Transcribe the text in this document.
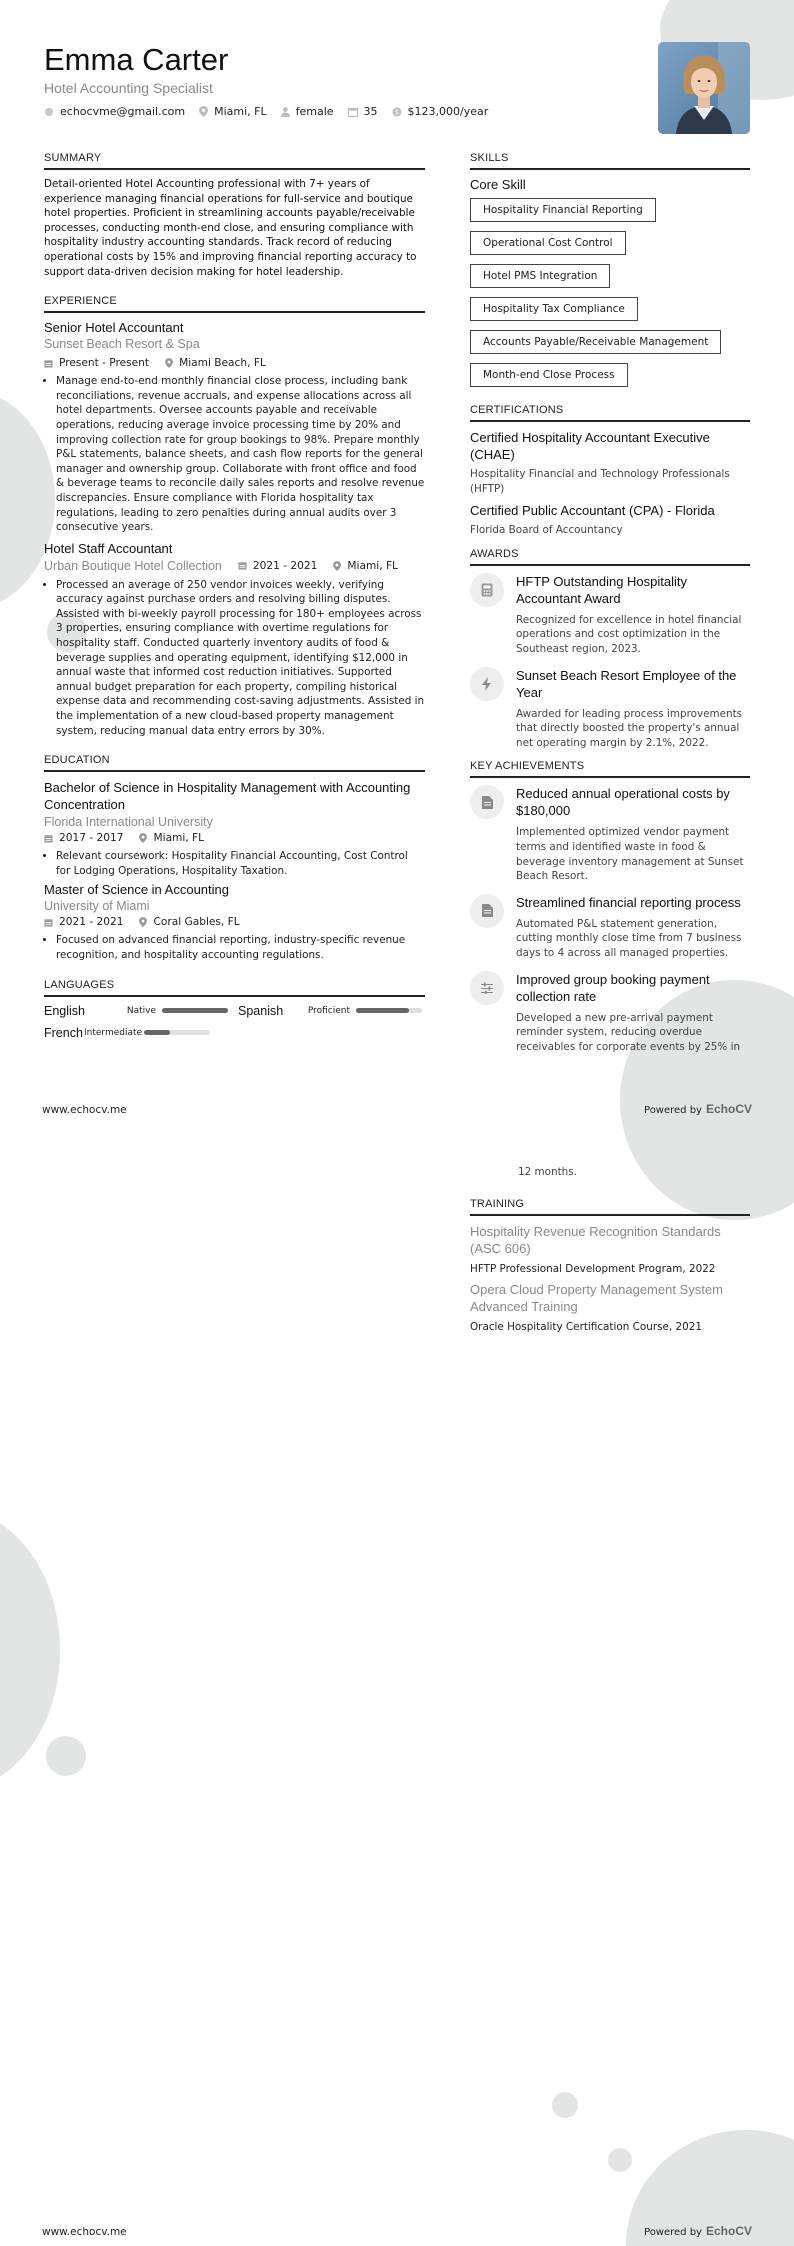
Emma Carter
Hotel Accounting Specialist
echocvme@gmail.com	Miami, FL	female	35 $ $123,000/year
SUMMARY
Detail-oriented Hotel Accounting professional with 7+ years of experience managing financial operations for full-service and boutique hotel properties. Proficient in streamlining accounts payable/receivable processes, conducting month-end close, and ensuring compliance with hospitality industry accounting standards. Track record of reducing operational costs by 15% and improving financial reporting accuracy to support data-driven decision making for hotel leadership.
EXPERIENCE
Senior Hotel Accountant
Sunset Beach Resort & Spa
Present - Present	Miami Beach, FL
• Manage end-to-end monthly financial close process, including bank reconciliations, revenue accruals, and expense allocations across all hotel departments. Oversee accounts payable and receivable operations, reducing average invoice processing time by 20% and improving collection rate for group bookings to 98%. Prepare monthly P&L statements, balance sheets, and cash flow reports for the general manager and ownership group. Collaborate with front office and food & beverage teams to reconcile daily sales reports and resolve revenue discrepancies. Ensure compliance with Florida hospitality tax regulations, leading to zero penalties during annual audits over 3 consecutive years.
Hotel Staff Accountant
Urban Boutique Hotel Collection	2021 - 2021	Miami, FL
• Processed an average of 250 vendor invoices weekly, verifying accuracy against purchase orders and resolving billing disputes. Assisted with bi-weekly payroll processing for 180+ employees across 3 properties, ensuring compliance with overtime regulations for hospitality staff. Conducted quarterly inventory audits of food & beverage supplies and operating equipment, identifying $12,000 in annual waste that informed cost reduction initiatives. Supported annual budget preparation for each property, compiling historical expense data and recommending cost-saving adjustments. Assisted in the implementation of a new cloud-based property management system, reducing manual data entry errors by 30%.
EDUCATION
Bachelor of Science in Hospitality Management with Accounting Concentration
Florida International University
2017 - 2017	Miami, FL
• Relevant coursework: Hospitality Financial Accounting, Cost Control for Lodging Operations, Hospitality Taxation.
Master of Science in Accounting
University of Miami
2021 - 2021	Coral Gables, FL
• Focused on advanced financial reporting, industry-specific revenue recognition, and hospitality accounting regulations.
LANGUAGES
English	Native	Spanish	Proficient
French Intermediate
SKILLS
Core Skill
Hospitality Financial Reporting
Operational Cost Control
Hotel PMS Integration
Hospitality Tax Compliance
Accounts Payable/Receivable Management
Month-end Close Process
CERTIFICATIONS
Certified Hospitality Accountant Executive (CHAE)
Hospitality Financial and Technology Professionals (HFTP)
Certified Public Accountant (CPA) - Florida
Florida Board of Accountancy
AWARDS
HFTP Outstanding Hospitality Accountant Award
Recognized for excellence in hotel financial operations and cost optimization in the Southeast region, 2023.
Sunset Beach Resort Employee of the Year
Awarded for leading process improvements that directly boosted the property's annual net operating margin by 2.1%, 2022.
KEY ACHIEVEMENTS
Reduced annual operational costs by $180,000
Implemented optimized vendor payment terms and identified waste in food & beverage inventory management at Sunset Beach Resort.
Streamlined financial reporting process
Automated P&L statement generation, cutting monthly close time from 7 business days to 4 across all managed properties.
Improved group booking payment collection rate
Developed a new pre-arrival payment reminder system, reducing overdue receivables for corporate events by 25% in
www.echocv.me	Powered by EchoCV
12 months.
TRAINING
Hospitality Revenue Recognition Standards (ASC 606)
HFTP Professional Development Program, 2022
Opera Cloud Property Management System Advanced Training
Oracle Hospitality Certification Course, 2021
www.echocv.me	Powered by EchoCV
